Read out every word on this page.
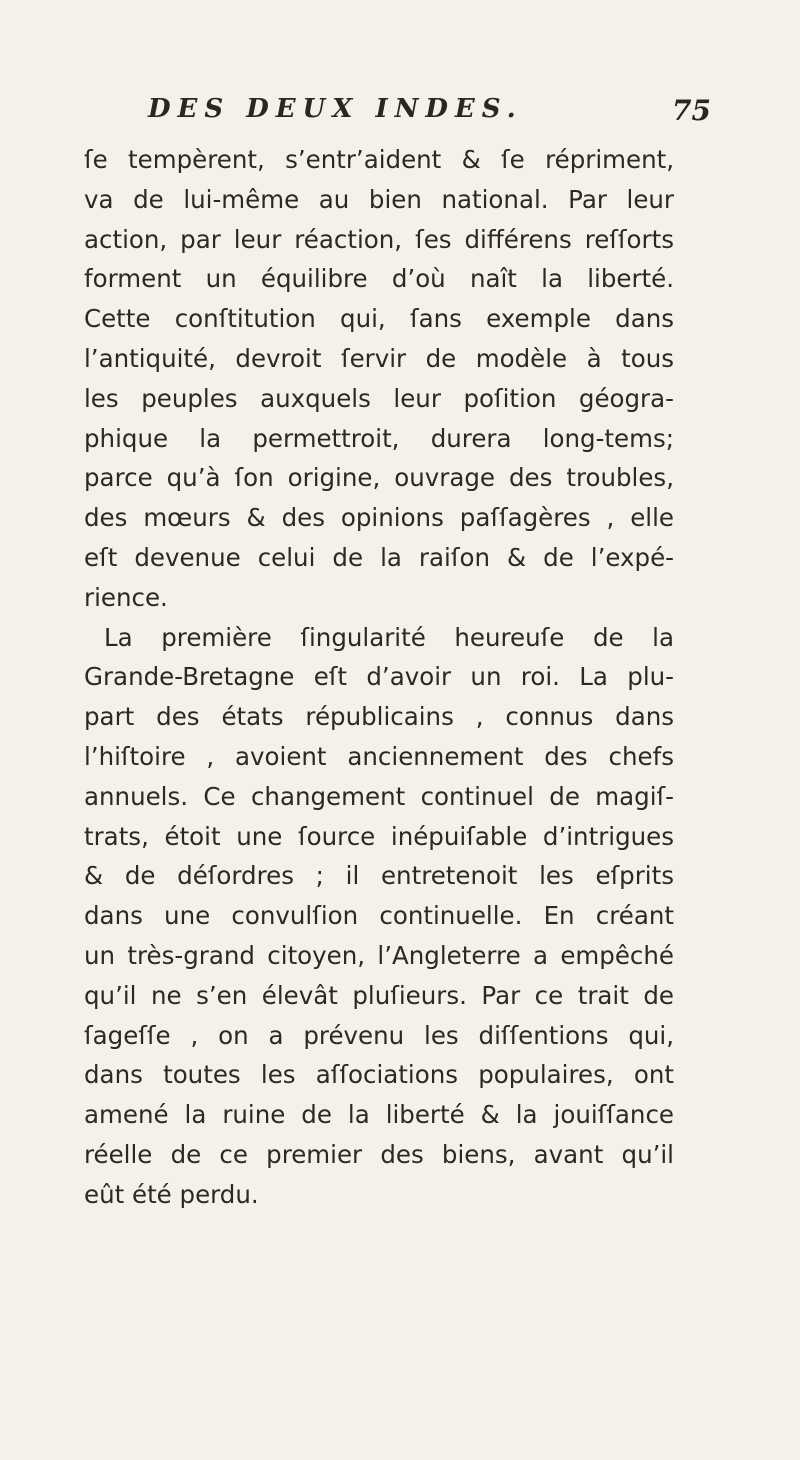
DES DEUX INDES.	75
ſe tempèrent, s’entr’aident & ſe répriment,
va de lui-même au bien national. Par leur
action, par leur réaction, ſes différens reſſorts
forment un équilibre d’où naît la liberté.
Cette conſtitution qui, ſans exemple dans
l’antiquité, devroit ſervir de modèle à tous
les peuples auxquels leur poſition géogra-
phique la permettroit, durera long-tems;
parce qu’à ſon origine, ouvrage des troubles,
des mœurs & des opinions paſſagères , elle
eſt devenue celui de la raiſon & de l’expé-
rience.
La première ſingularité heureuſe de la
Grande-Bretagne eſt d’avoir un roi. La plu-
part des états républicains , connus dans
l’hiſtoire , avoient anciennement des chefs
annuels. Ce changement continuel de magiſ-
trats, étoit une ſource inépuiſable d’intrigues
& de déſordres ; il entretenoit les eſprits
dans une convulſion continuelle. En créant
un très-grand citoyen, l’Angleterre a empêché
qu’il ne s’en élevât pluſieurs. Par ce trait de
ſageſſe , on a prévenu les diſſentions qui,
dans toutes les aſſociations populaires, ont
amené la ruine de la liberté & la jouiſſance
réelle de ce premier des biens, avant qu’il
eût été perdu.
